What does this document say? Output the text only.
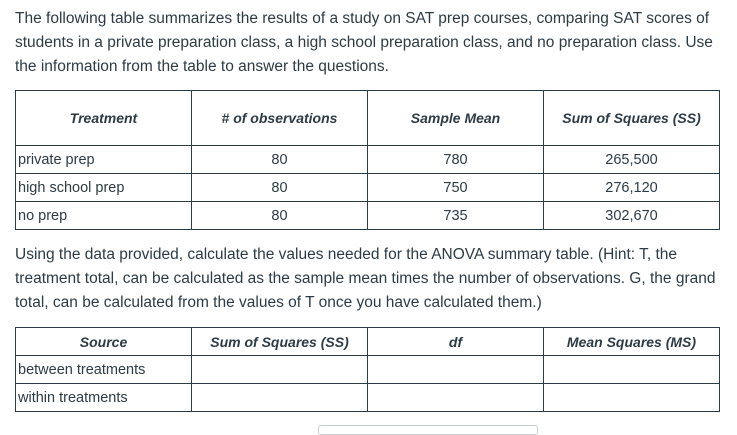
The following table summarizes the results of a study on SAT prep courses, comparing SAT scores of students in a private preparation class, a high school preparation class, and no preparation class. Use the information from the table to answer the questions.

Treatment	# of observations	Sample Mean	Sum of Squares (SS)
private prep	80	780	265,500
high school prep	80	750	276,120
no prep	80	735	302,670

Using the data provided, calculate the values needed for the ANOVA summary table. (Hint: T, the treatment total, can be calculated as the sample mean times the number of observations. G, the grand total, can be calculated from the values of T once you have calculated them.)

Source	Sum of Squares (SS)	df	Mean Squares (MS)
between treatments			
within treatments			
